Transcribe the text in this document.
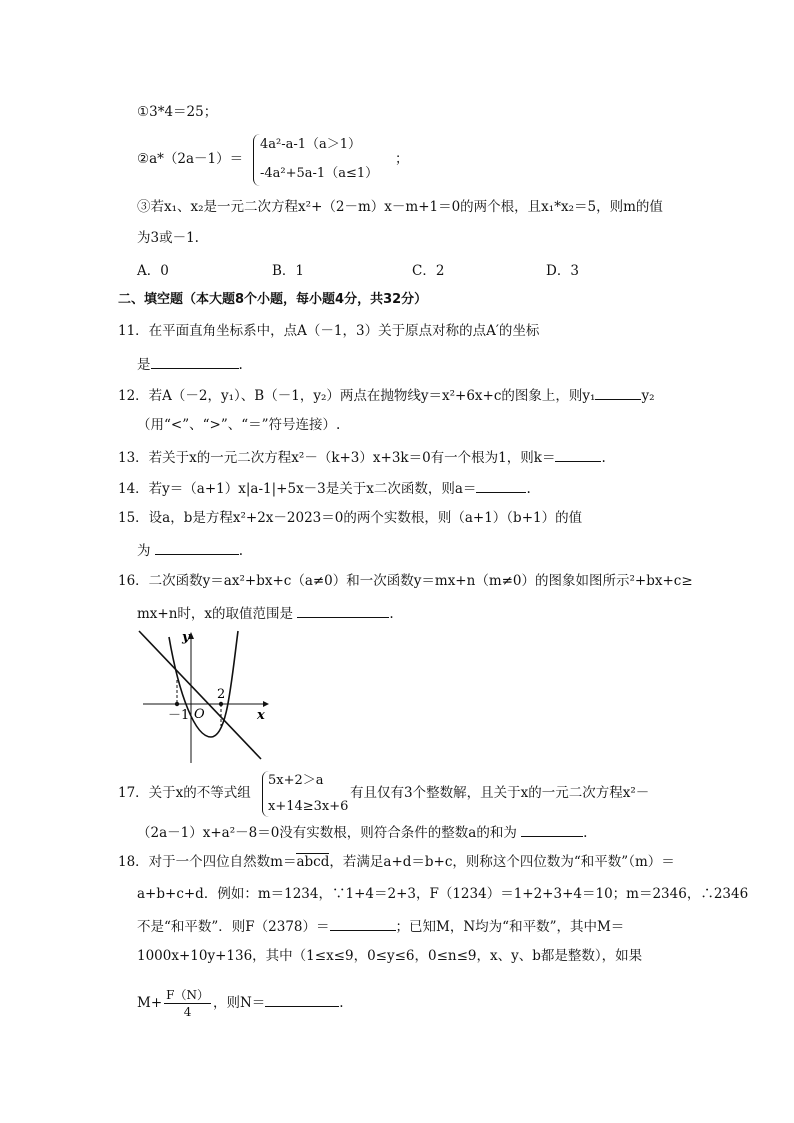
①3*4＝25；
②a*（2a－1）＝
4a²-a-1（a＞1）
-4a²+5a-1（a≤1）
；
③若x₁、x₂是一元二次方程x²+（2－m）x－m+1＝0的两个根，且x₁*x₂＝5，则m的值
为3或－1.
A．0	B．1	C．2	D．3
二、填空题（本大题8个小题，每小题4分，共32分）
11．在平面直角坐标系中，点A（－1，3）关于原点对称的点A′的坐标
是	.
12．若A（－2，y₁）、B（－1，y₂）两点在抛物线y＝x²+6x+c的图象上，则y₁	y₂
（用“<”、“>”、“＝”符号连接）.
13．若关于x的一元二次方程x²－（k+3）x+3k＝0有一个根为1，则k＝	.
14．若y＝（a+1）x|a-1|+5x－3是关于x二次函数，则a＝	.
15．设a，b是方程x²+2x－2023＝0的两个实数根，则（a+1）（b+1）的值
为	.
16．二次函数y＝ax²+bx+c（a≠0）和一次函数y＝mx+n（m≠0）的图象如图所示²+bx+c≥
mx+n时，x的取值范围是	.
y
x
－1 O
2
17．关于x的不等式组
5x+2＞a
x+14≥3x+6
有且仅有3个整数解，且关于x的一元二次方程x²－
（2a－1）x+a²－8＝0没有实数根，则符合条件的整数a的和为	.
18．对于一个四位自然数m＝abcd，若满足a+d＝b+c，则称这个四位数为“和平数”（m）＝
a+b+c+d．例如：m＝1234，∵1+4＝2+3，F（1234）＝1+2+3+4＝10；m＝2346，∴2346
不是“和平数”．则F（2378）＝	；已知M，N均为“和平数”，其中M＝
1000x+10y+136，其中（1≤x≤9，0≤y≤6，0≤n≤9，x、y、b都是整数），如果
$M+ \frac{F(N)}{4}$ ，则N＝	.
